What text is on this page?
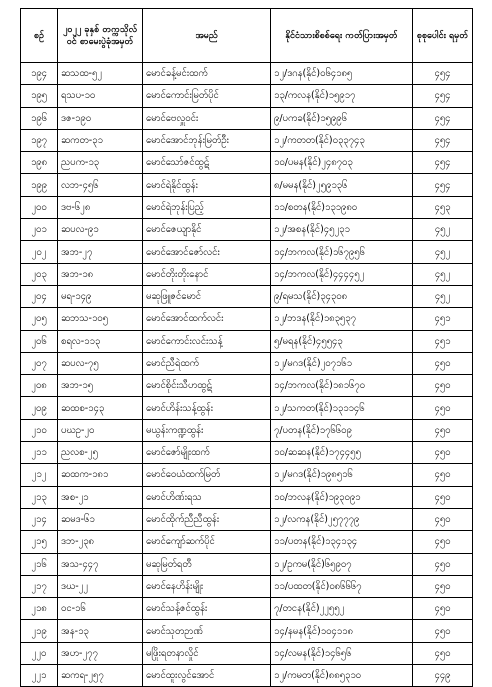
စဉ်	၂၀၂၂ ခုနှစ် တက္ကသိုလ်ဝင် စာမေးပွဲခုံအမှတ်	အမည်	နိုင်ငံသားစိစစ်ရေး ကတ်ပြားအမှတ်	စုစုပေါင်း ရမှတ်
၁၉၄	ဆသထ-၅၂	မောင်ခန့်မင်းထက်	၁၂/ဒဂန(နိုင်)၀၆၄၁၈၅	၄၅၄
၁၉၅	ရသပ-၁၀	မောင်ကောင်းမြတ်ပိုင်	၁၃/ကလန(နိုင်)၁၅၉၁၇	၄၅၄
၁၉၆	ဒဇ-၁၉၀	မောင်ဗေလှူဝင်း	၉/ပကခ(နိုင်)၁၅၉၉၆	၄၅၄
၁၉၇	ဆကတ-၃၁	မောင်အောင်ဘုန်းမြတ်ဦး	၁၂/ကတတ(နိုင်)၀၃၃၇၄၃	၄၅၄
၁၉၈	ညပက-၁၃	မောင်သော်ဇင်ထွဋ်	၁၀/ပမန(နိုင်)၂၄၈၇၀၃	၄၅၄
၁၉၉	လဘ-၄၅၆	မောင်ရဲနိုင်ထွန်း	၈/မမန(နိုင်)၂၅၉၁၃၆	၄၅၄
၂၀၀	ဒဗ-၆၂၈	မောင်ရဲဘုန်းပြည့်	၁၁/စတန(နိုင်)၁၃၁၉၈၀	၄၅၃
၂၀၁	ဆပလ-၉၁	မောင်ဇေယျာနိုင်	၁၂/အစန(နိုင်)၄၅၂၃၁	၄၅၂
၂၀၂	အဘ-၂၇	မောင်အောင်ဇော်လင်း	၁၄/ဘကလ(နိုင်)၁၆၇၉၅၆	၄၅၂
၂၀၃	အဘ-၁၈	မောင်တိုးတိုးနောင်	၁၄/ဘကလ(နိုင်)၄၄၄၄၅၂	၄၅၂
၂၀၄	မရ-၁၄၉	မဆုဖြူဇင်မောင်	၉/ရမသ(နိုင်)၃၄၃၀၈	၄၅၂
၂၀၅	ဆဘသ-၁၀၅	မောင်အောင်ထက်လင်း	၁၂/ဘဒန(နိုင်)၁၈၃၅၃၇	၄၅၁
၂၀၆	စရလ-၁၁၃	မောင်ကောင်းလင်းသန့်	၅/မရန(နိုင်)၄၅၅၄၃	၄၅၁
၂၀၇	ဆပလ-၇၅	မောင်ညီရဲထက်	၁၂/မဂဒ(နိုင်)၂၀၇၁၆၁	၄၅၀
၂၀၈	အဘ-၁၅	မောင်စိုင်းသီဟထွဋ်	၁၄/ဘကလ(နိုင်)၁၈၁၆၇၀	၄၅၀
၂၀၉	ဆထစ-၁၄၃	မောင်ဟိန်းသန့်ထွန်း	၁၂/သကတ(နိုင်)၁၃၁၁၄၆	၄၅၀
၂၁၀	ပဃဥ-၂၀	မယွန်းကဏ္ဍထွန်း	၇/ပတန(နိုင်)၁၇၆၆၀၉	၄၅၀
၂၁၁	ညလစ-၂၅	မောင်ဇော်မျိုးထက်	၁၀/ဆဆန(နိုင်)၁၇၄၄၅၅	၄၅၀
၂၁၂	ဆထက-၁၈၁	မောင်ဝေယံထက်မြတ်	၁၂/မဂဒ(နိုင်)၁၉၈၅၁၆	၄၅၀
၂၁၃	အစ-၂၁	မောင်ဟိဏ်းရသ	၁၀/ဘလန(နိုင်)၁၉၃၀၉၁	၄၅၀
၂၁၄	ဆမဒ-၆၁	မောင်ထိုက်ညီညီထွန်း	၁၂/လကန(နိုင်)၂၅၇၇၇၉	၄၅၀
၂၁၅	ဒဘ-၂၃၈	မောင်ကျော်ဆက်ပိုင်	၁၁/ပတန(နိုင်)၁၃၄၁၃၄	၄၅၀
၂၁၆	အသ-၄၄၇	မဆုမြတ်ရတီ	၁၂/ဥကမ(နိုင်)၆၅၉၀၇	၄၅၀
၂၁၇	ဒဃ-၂၂	မောင်နေဟိန်းမျိုး	၁၁/ပထတ(နိုင်)၀၈၆၆၆၇	၄၅၀
၂၁၈	ဝင-၁၆	မောင်သန့်ဇင်ထွန်း	၇/တငန(နိုင်)၂၂၅၅၂	၄၅၀
၂၁၉	အန-၁၃	မောင်သုတဉာဏ်	၁၄/နမန(နိုင်)၁၀၄၁၁၈	၄၅၀
၂၂၀	အဟ-၂၇၇	မဖြိုးရတနာလှိုင်	၁၄/လမန(နိုင်)၁၄၆၅၆	၄၅၀
၂၂၁	ဆကရ-၂၅၇	မောင်ထူးလွင်အောင်	၁၂/ကမတ(နိုင်)၈၈၅၃၁၀	၄၄၉
